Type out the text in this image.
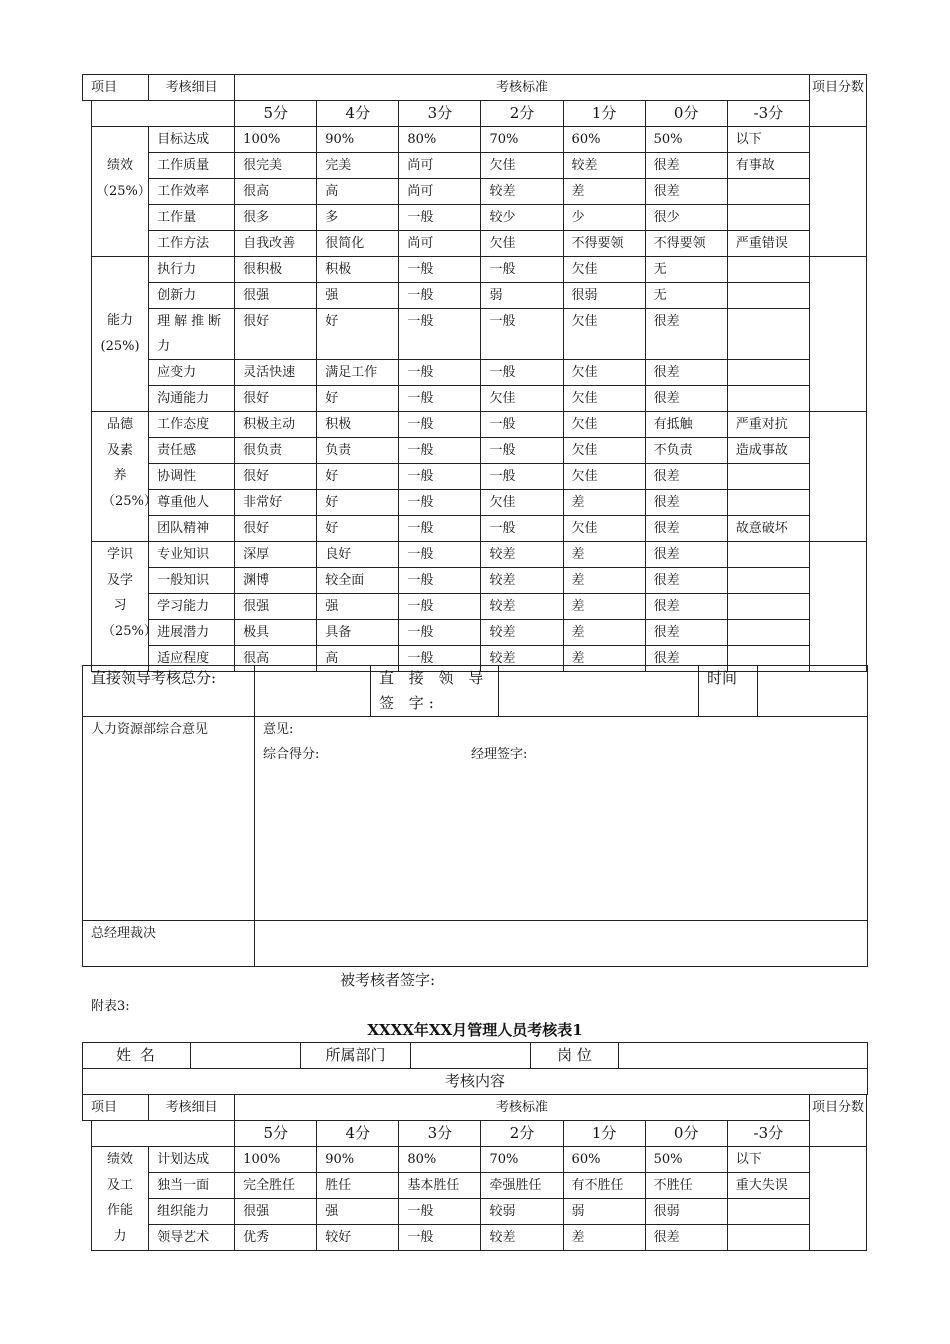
项目		考核细目	考核标准							项目分数
			5分	4分	3分	2分	1分	0分	-3分	
	绩效（25%）	目标达成	100%	90%	80%	70%	60%	50%	以下	
		工作质量	很完美	完美	尚可	欠佳	较差	很差	有事故	
		工作效率	很高	高	尚可	较差	差	很差		
		工作量	很多	多	一般	较少	少	很少		
		工作方法	自我改善	很简化	尚可	欠佳	不得要领	不得要领	严重错误	
	能力(25%)	执行力	很积极	积极	一般	一般	欠佳	无		
		创新力	很强	强	一般	弱	很弱	无		
		理解推断力	很好	好	一般	一般	欠佳	很差		
		应变力	灵活快速	满足工作	一般	一般	欠佳	很差		
		沟通能力	很好	好	一般	欠佳	欠佳	很差		
	品德及素养（25%）	工作态度	积极主动	积极	一般	一般	欠佳	有抵触	严重对抗	
		责任感	很负责	负责	一般	一般	欠佳	不负责	造成事故	
		协调性	很好	好	一般	一般	欠佳	很差		
		尊重他人	非常好	好	一般	欠佳	差	很差		
		团队精神	很好	好	一般	一般	欠佳	很差	故意破坏	
	学识及学习（25%）	专业知识	深厚	良好	一般	较差	差	很差		
		一般知识	渊博	较全面	一般	较差	差	很差		
		学习能力	很强	强	一般	较差	差	很差		
		进展潜力	极具	具备	一般	较差	差	很差		
		适应程度	很高	高	一般	较差	差	很差		
直接领导考核总分:		直 接 领 导 签 字:		时间	
人力资源部综合意见	意见:
综合得分: 经理签字:				

总经理裁决					
被考核者签字:
附表3:
XXXX年XX月管理人员考核表1
姓 名		所属部门		岗 位	
考核内容
项目		考核细目	考核标准							项目分数
			5分	4分	3分	2分	1分	0分	-3分	
	绩效及工作能力	计划达成	100%	90%	80%	70%	60%	50%	以下	
		独当一面	完全胜任	胜任	基本胜任	牵强胜任	有不胜任	不胜任	重大失误	
		组织能力	很强	强	一般	较弱	弱	很弱		
		领导艺术	优秀	较好	一般	较差	差	很差		
